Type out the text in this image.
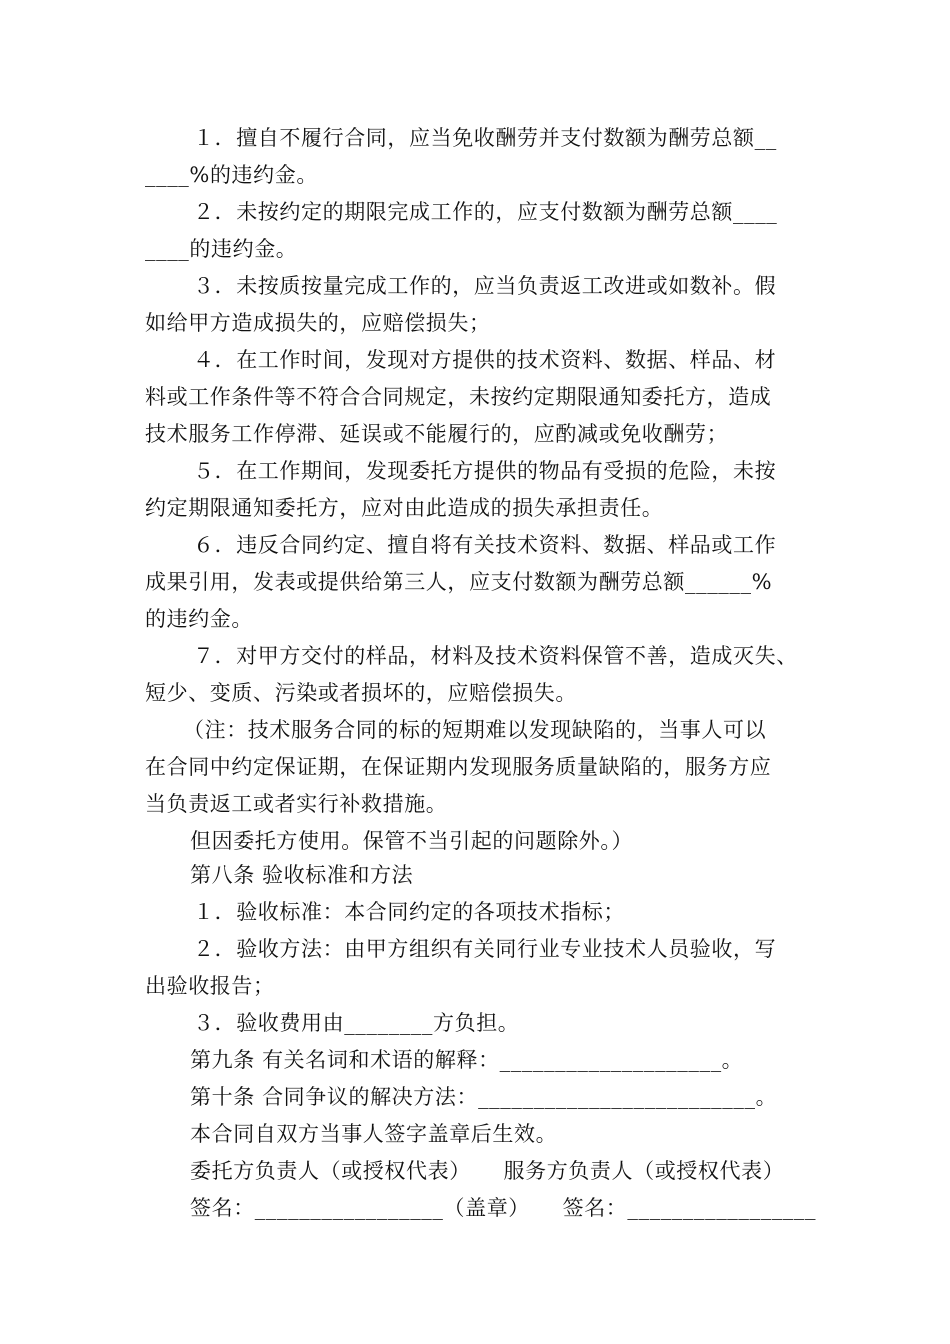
１．擅自不履行合同，应当免收酬劳并支付数额为酬劳总额__
____%的违约金。
２．未按约定的期限完成工作的，应支付数额为酬劳总额____
____的违约金。
３．未按质按量完成工作的，应当负责返工改进或如数补。假
如给甲方造成损失的，应赔偿损失；
４．在工作时间，发现对方提供的技术资料、数据、样品、材
料或工作条件等不符合合同规定，未按约定期限通知委托方，造成
技术服务工作停滞、延误或不能履行的，应酌减或免收酬劳；
５．在工作期间，发现委托方提供的物品有受损的危险，未按
约定期限通知委托方，应对由此造成的损失承担责任。
６．违反合同约定、擅自将有关技术资料、数据、样品或工作
成果引用，发表或提供给第三人，应支付数额为酬劳总额______%
的违约金。
７．对甲方交付的样品，材料及技术资料保管不善，造成灭失、
短少、变质、污染或者损坏的，应赔偿损失。
（注：技术服务合同的标的短期难以发现缺陷的，当事人可以
在合同中约定保证期，在保证期内发现服务质量缺陷的，服务方应
当负责返工或者实行补救措施。
但因委托方使用。保管不当引起的问题除外。）
第八条 验收标准和方法
１．验收标准：本合同约定的各项技术指标；
２．验收方法：由甲方组织有关同行业专业技术人员验收，写
出验收报告；
３．验收费用由________方负担。
第九条 有关名词和术语的解释：____________________。
第十条 合同争议的解决方法：_________________________。
本合同自双方当事人签字盖章后生效。
委托方负责人（或授权代表）　　服务方负责人（或授权代表）
签名：_________________（盖章）　　签名：_________________
